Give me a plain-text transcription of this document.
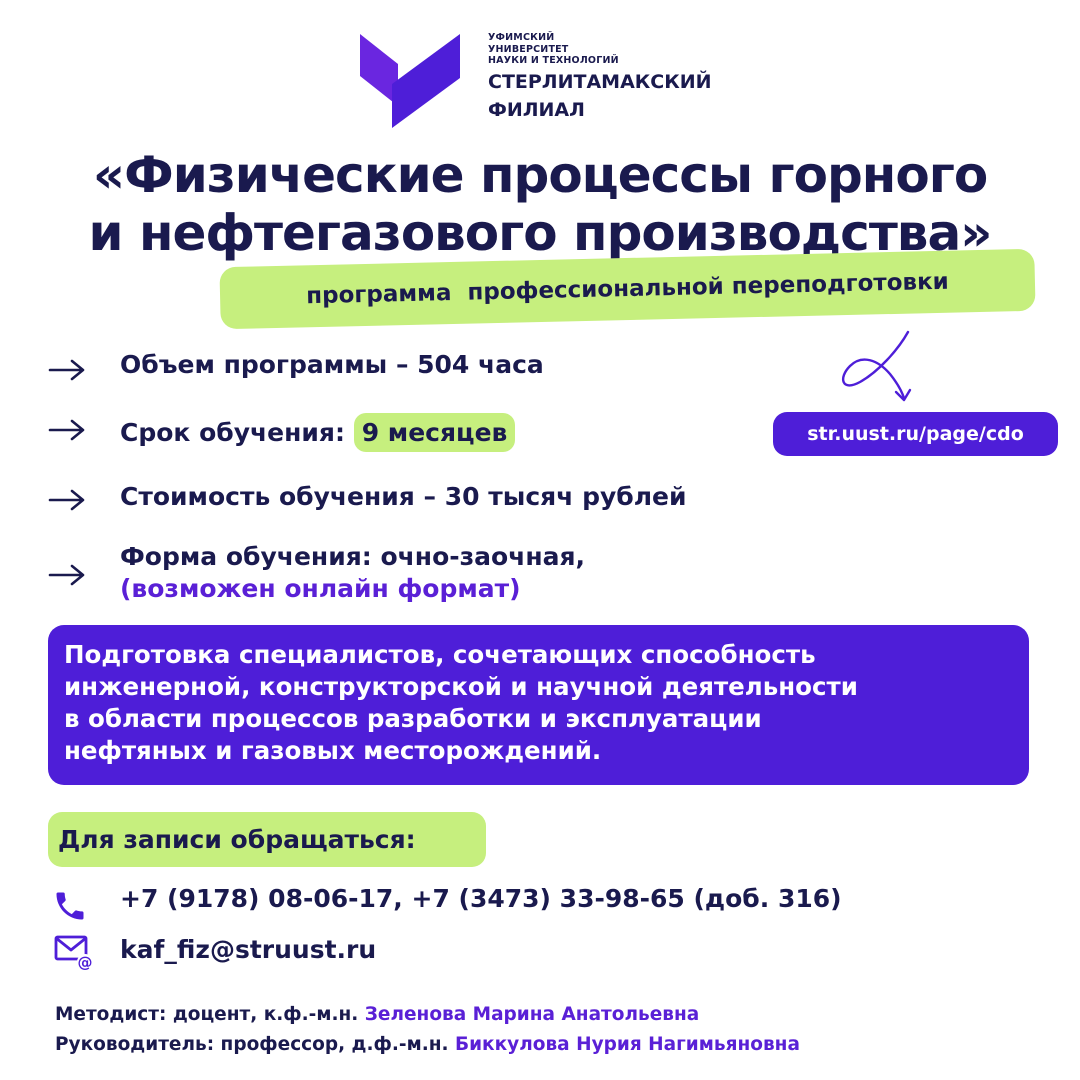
УФИМСКИЙ
УНИВЕРСИТЕТ
НАУКИ И ТЕХНОЛОГИЙ
СТЕРЛИТАМАКСКИЙ
ФИЛИАЛ
«Физические процессы горного
и нефтегазового производства»
программа  профессиональной переподготовки
Объем программы – 504 часа
Срок обучения: 9 месяцев
Стоимость обучения – 30 тысяч рублей
Форма обучения: очно-заочная,
(возможен онлайн формат)
str.uust.ru/page/cdo

Подготовка специалистов, сочетающих способность

инженерной, конструкторской и научной деятельности

в области процессов разработки и эксплуатации

нефтяных и газовых месторождений.

Для записи обращаться:
+7 (9178) 08-06-17, +7 (3473) 33-98-65 (доб. 316)
@ kaf_fiz@struust.ru
Методист: доцент, к.ф.-м.н. Зеленова Марина Анатольевна
Руководитель: профессор, д.ф.-м.н. Биккулова Нурия Нагимьяновна
